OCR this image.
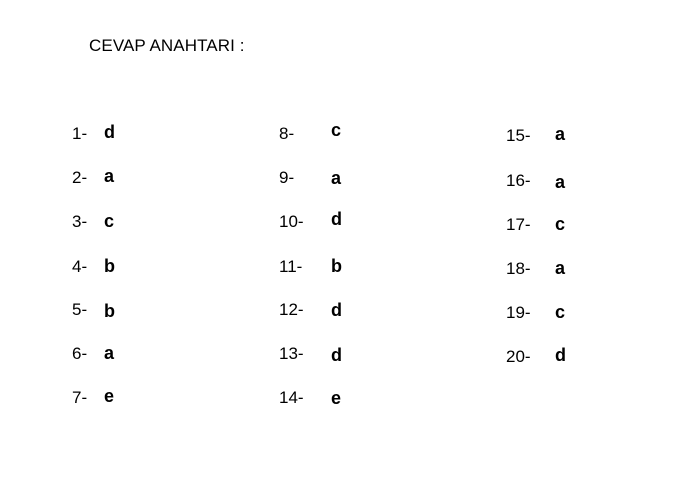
CEVAP ANAHTARI :
1- d
2- a
3- c
4- b
5- b
6- a
7- e
8- c
9- a
10- d
11- b
12- d
13- d
14- e
15- a
16- a
17- c
18- a
19- c
20- d
